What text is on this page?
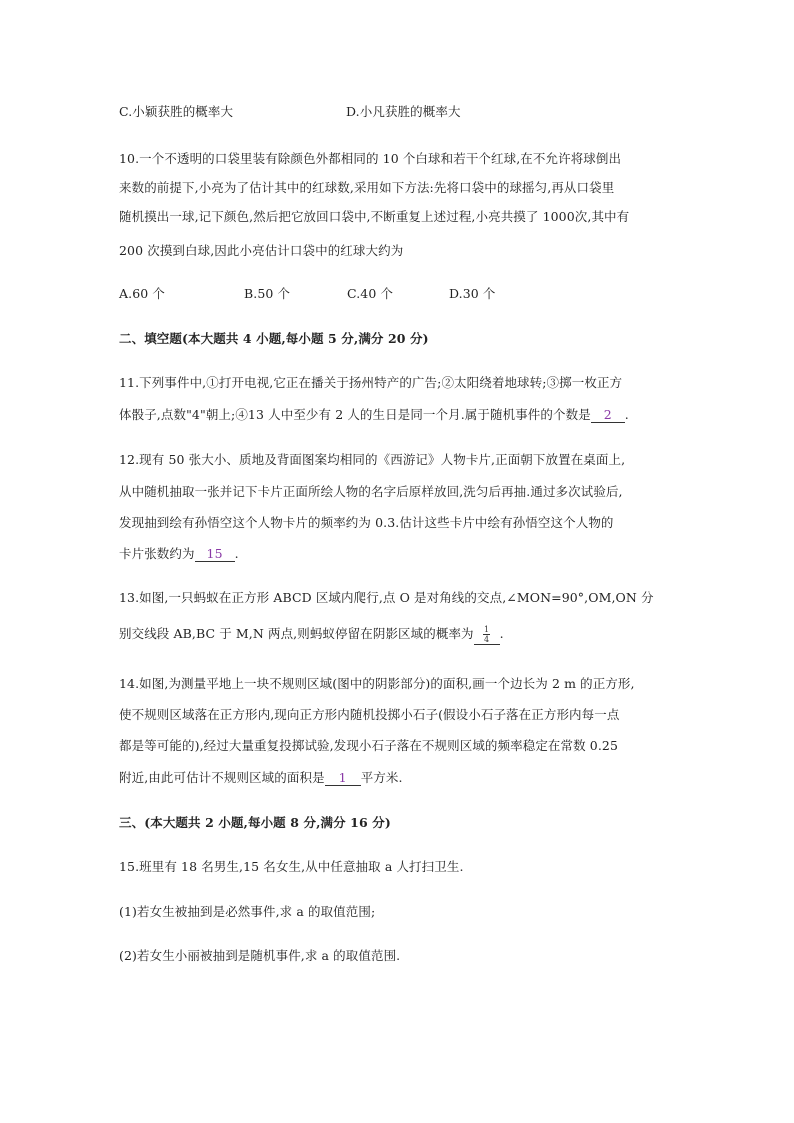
C.小颖获胜的概率大	D.小凡获胜的概率大
10.一个不透明的口袋里装有除颜色外都相同的 10 个白球和若干个红球,在不允许将球倒出
来数的前提下,小亮为了估计其中的红球数,采用如下方法:先将口袋中的球摇匀,再从口袋里
随机摸出一球,记下颜色,然后把它放回口袋中,不断重复上述过程,小亮共摸了 1000次,其中有
200 次摸到白球,因此小亮估计口袋中的红球大约为
A.60 个	B.50 个	C.40 个	D.30 个
二、填空题(本大题共 4 小题,每小题 5 分,满分 20 分)
11.下列事件中,①打开电视,它正在播关于扬州特产的广告;②太阳绕着地球转;③掷一枚正方
体骰子,点数"4"朝上;④13 人中至少有 2 人的生日是同一个月.属于随机事件的个数是 2 .
12.现有 50 张大小、质地及背面图案均相同的《西游记》人物卡片,正面朝下放置在桌面上,
从中随机抽取一张并记下卡片正面所绘人物的名字后原样放回,洗匀后再抽.通过多次试验后,
发现抽到绘有孙悟空这个人物卡片的频率约为 0.3.估计这些卡片中绘有孙悟空这个人物的
卡片张数约为 15 .
13.如图,一只蚂蚁在正方形 ABCD 区域内爬行,点 O 是对角线的交点,∠MON=90°,OM,ON 分
别交线段 AB,BC 于 M,N 两点,则蚂蚁停留在阴影区域的概率为 $\frac{1}{4}$ .
14.如图,为测量平地上一块不规则区域(图中的阴影部分)的面积,画一个边长为 2 m 的正方形,
使不规则区域落在正方形内,现向正方形内随机投掷小石子(假设小石子落在正方形内每一点
都是等可能的),经过大量重复投掷试验,发现小石子落在不规则区域的频率稳定在常数 0.25
附近,由此可估计不规则区域的面积是 1 平方米.
三、(本大题共 2 小题,每小题 8 分,满分 16 分)
15.班里有 18 名男生,15 名女生,从中任意抽取 a 人打扫卫生.
(1)若女生被抽到是必然事件,求 a 的取值范围;
(2)若女生小丽被抽到是随机事件,求 a 的取值范围.
